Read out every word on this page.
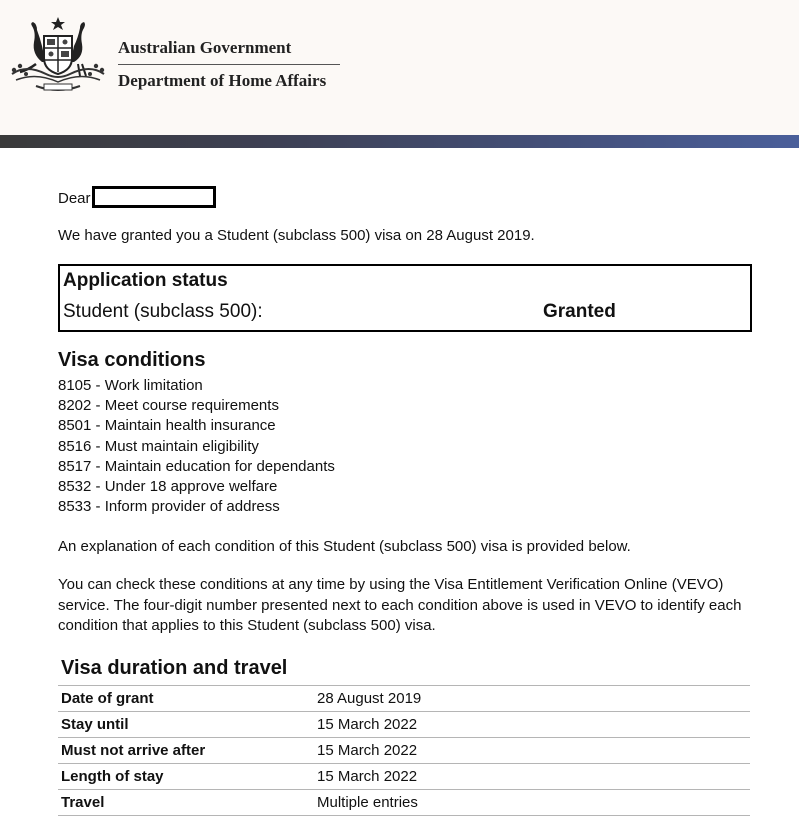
Australian Government
Department of Home Affairs
Dear
We have granted you a Student (subclass 500) visa on 28 August 2019.
Application status
Student (subclass 500):	Granted
Visa conditions
8105 - Work limitation
8202 - Meet course requirements
8501 - Maintain health insurance
8516 - Must maintain eligibility
8517 - Maintain education for dependants
8532 - Under 18 approve welfare
8533 - Inform provider of address
An explanation of each condition of this Student (subclass 500) visa is provided below.
You can check these conditions at any time by using the Visa Entitlement Verification Online (VEVO) service. The four-digit number presented next to each condition above is used in VEVO to identify each condition that applies to this Student (subclass 500) visa.
Visa duration and travel
Date of grant	28 August 2019
Stay until	15 March 2022
Must not arrive after	15 March 2022
Length of stay	15 March 2022
Travel	Multiple entries
